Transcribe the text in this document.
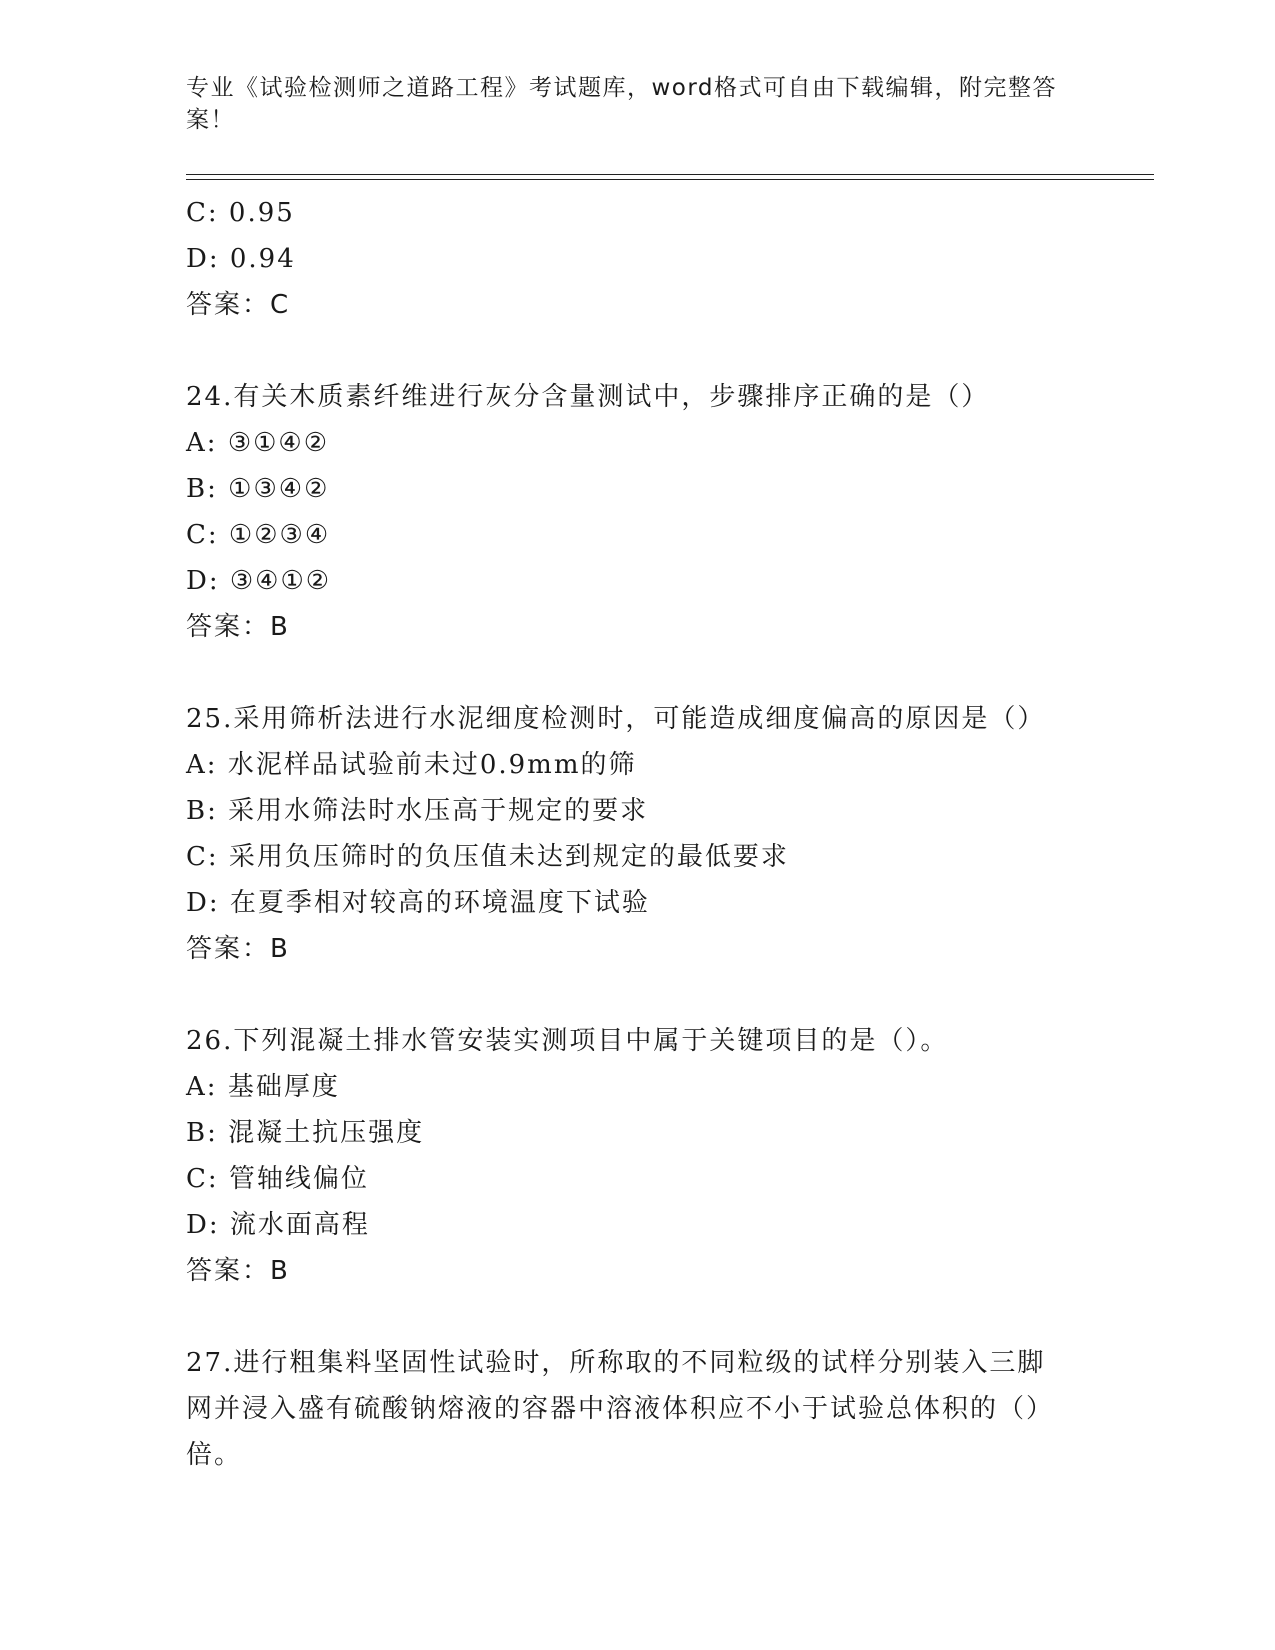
专业《试验检测师之道路工程》考试题库，word格式可自由下载编辑，附完整答案！
C: 0.95
D: 0.94
答案：C
24.有关木质素纤维进行灰分含量测试中，步骤排序正确的是（）
A: ③①④②
B: ①③④②
C: ①②③④
D: ③④①②
答案：B
25.采用筛析法进行水泥细度检测时，可能造成细度偏高的原因是（）
A: 水泥样品试验前未过0.9mm的筛
B: 采用水筛法时水压高于规定的要求
C: 采用负压筛时的负压值未达到规定的最低要求
D: 在夏季相对较高的环境温度下试验
答案：B
26.下列混凝土排水管安装实测项目中属于关键项目的是（）。
A: 基础厚度
B: 混凝土抗压强度
C: 管轴线偏位
D: 流水面高程
答案：B
27.进行粗集料坚固性试验时，所称取的不同粒级的试样分别装入三脚网并浸入盛有硫酸钠熔液的容器中溶液体积应不小于试验总体积的（）倍。
